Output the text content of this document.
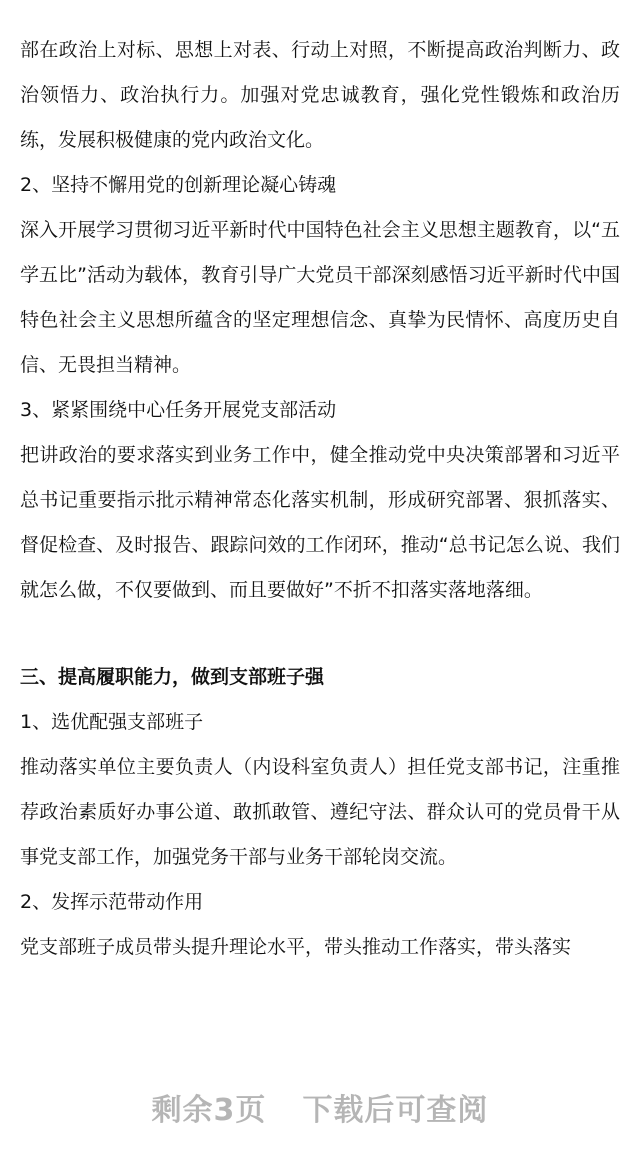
部在政治上对标、思想上对表、行动上对照，不断提高政治判断力、政治领悟力、政治执行力。加强对党忠诚教育，强化党性锻炼和政治历练，发展积极健康的党内政治文化。

2、坚持不懈用党的创新理论凝心铸魂

深入开展学习贯彻习近平新时代中国特色社会主义思想主题教育，以“五学五比”活动为载体，教育引导广大党员干部深刻感悟习近平新时代中国特色社会主义思想所蕴含的坚定理想信念、真挚为民情怀、高度历史自信、无畏担当精神。

3、紧紧围绕中心任务开展党支部活动

把讲政治的要求落实到业务工作中，健全推动党中央决策部署和习近平总书记重要指示批示精神常态化落实机制，形成研究部署、狠抓落实、督促检查、及时报告、跟踪问效的工作闭环，推动“总书记怎么说、我们就怎么做，不仅要做到、而且要做好”不折不扣落实落地落细。

三、提高履职能力，做到支部班子强

1、选优配强支部班子

推动落实单位主要负责人（内设科室负责人）担任党支部书记，注重推荐政治素质好办事公道、敢抓敢管、遵纪守法、群众认可的党员骨干从事党支部工作，加强党务干部与业务干部轮岗交流。

2、发挥示范带动作用

党支部班子成员带头提升理论水平，带头推动工作落实，带头落实

剩余3页 下载后可查阅
